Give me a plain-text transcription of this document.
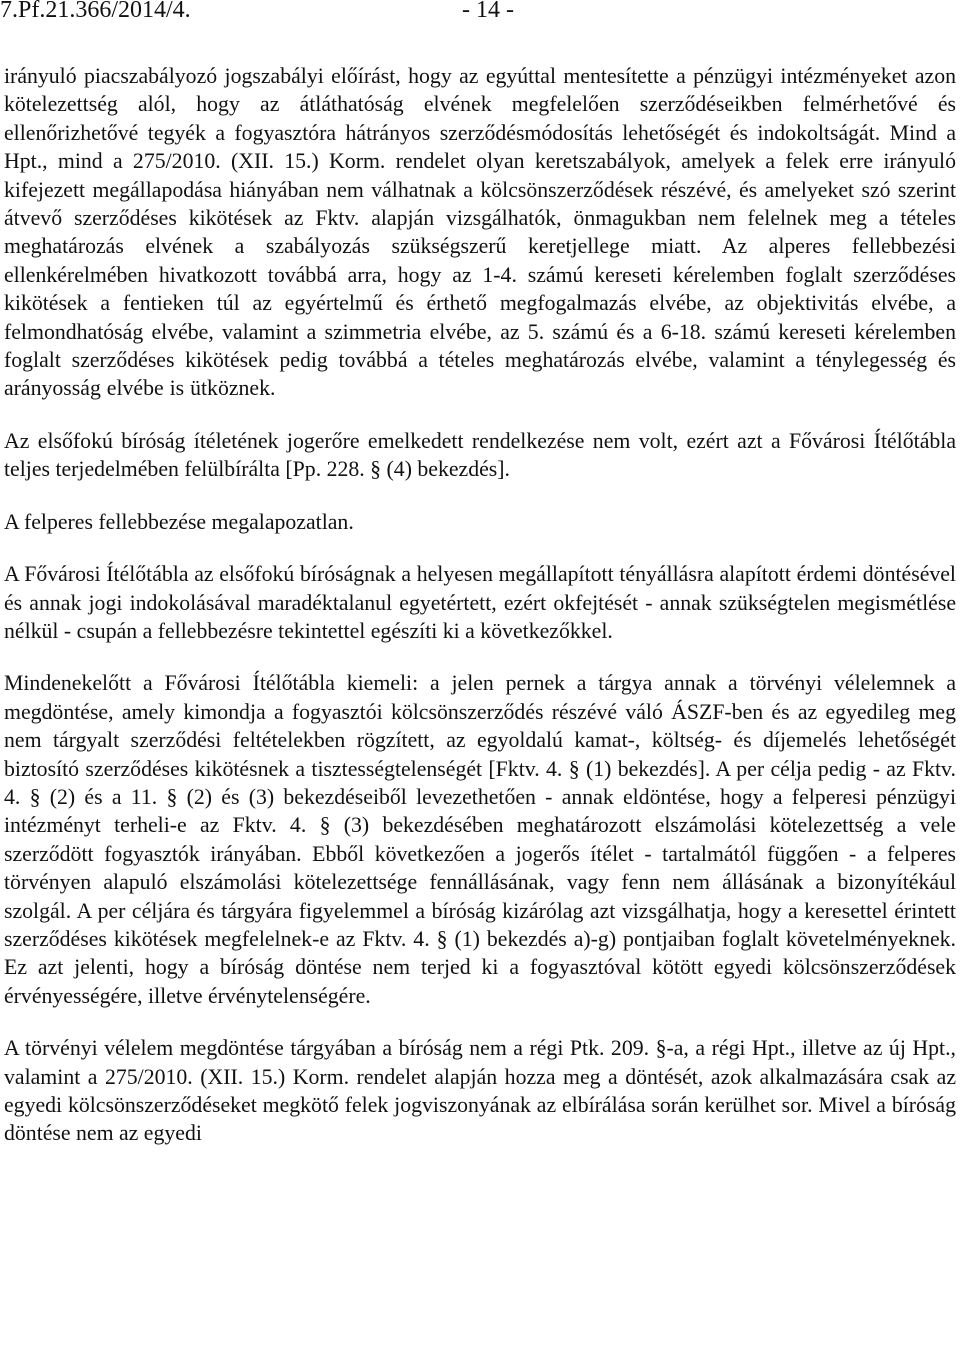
7.Pf.21.366/2014/4.	- 14 -

irányuló piacszabályozó jogszabályi előírást, hogy az egyúttal mentesítette a pénzügyi intézményeket azon kötelezettség alól, hogy az átláthatóság elvének megfelelően szerződéseikben felmérhetővé és ellenőrizhetővé tegyék a fogyasztóra hátrányos szerződésmódosítás lehetőségét és indokoltságát. Mind a Hpt., mind a 275/2010. (XII. 15.) Korm. rendelet olyan keretszabályok, amelyek a felek erre irányuló kifejezett megállapodása hiányában nem válhatnak a kölcsönszerződések részévé, és amelyeket szó szerint átvevő szerződéses kikötések az Fktv. alapján vizsgálhatók, önmagukban nem felelnek meg a tételes meghatározás elvének a szabályozás szükségszerű keretjellege miatt. Az alperes fellebbezési ellenkérelmében hivatkozott továbbá arra, hogy az 1-4. számú kereseti kérelemben foglalt szerződéses kikötések a fentieken túl az egyértelmű és érthető megfogalmazás elvébe, az objektivitás elvébe, a felmondhatóság elvébe, valamint a szimmetria elvébe, az 5. számú és a 6-18. számú kereseti kérelemben foglalt szerződéses kikötések pedig továbbá a tételes meghatározás elvébe, valamint a ténylegesség és arányosság elvébe is ütköznek.

Az elsőfokú bíróság ítéletének jogerőre emelkedett rendelkezése nem volt, ezért azt a Fővárosi Ítélőtábla teljes terjedelmében felülbírálta [Pp. 228. § (4) bekezdés].

A felperes fellebbezése megalapozatlan.

A Fővárosi Ítélőtábla az elsőfokú bíróságnak a helyesen megállapított tényállásra alapított érdemi döntésével és annak jogi indokolásával maradéktalanul egyetértett, ezért okfejtését - annak szükségtelen megismétlése nélkül - csupán a fellebbezésre tekintettel egészíti ki a következőkkel.

Mindenekelőtt a Fővárosi Ítélőtábla kiemeli: a jelen pernek a tárgya annak a törvényi vélelemnek a megdöntése, amely kimondja a fogyasztói kölcsönszerződés részévé váló ÁSZF-ben és az egyedileg meg nem tárgyalt szerződési feltételekben rögzített, az egyoldalú kamat-, költség- és díjemelés lehetőségét biztosító szerződéses kikötésnek a tisztességtelenségét [Fktv. 4. § (1) bekezdés]. A per célja pedig - az Fktv. 4. § (2) és a 11. § (2) és (3) bekezdéseiből levezethetően - annak eldöntése, hogy a felperesi pénzügyi intézményt terheli-e az Fktv. 4. § (3) bekezdésében meghatározott elszámolási kötelezettség a vele szerződött fogyasztók irányában. Ebből következően a jogerős ítélet - tartalmától függően - a felperes törvényen alapuló elszámolási kötelezettsége fennállásának, vagy fenn nem állásának a bizonyítékául szolgál. A per céljára és tárgyára figyelemmel a bíróság kizárólag azt vizsgálhatja, hogy a keresettel érintett szerződéses kikötések megfelelnek-e az Fktv. 4. § (1) bekezdés a)-g) pontjaiban foglalt követelményeknek. Ez azt jelenti, hogy a bíróság döntése nem terjed ki a fogyasztóval kötött egyedi kölcsönszerződések érvényességére, illetve érvénytelenségére.

A törvényi vélelem megdöntése tárgyában a bíróság nem a régi Ptk. 209. §-a, a régi Hpt., illetve az új Hpt., valamint a 275/2010. (XII. 15.) Korm. rendelet alapján hozza meg a döntését, azok alkalmazására csak az egyedi kölcsönszerződéseket megkötő felek jogviszonyának az elbírálása során kerülhet sor. Mivel a bíróság döntése nem az egyedi
